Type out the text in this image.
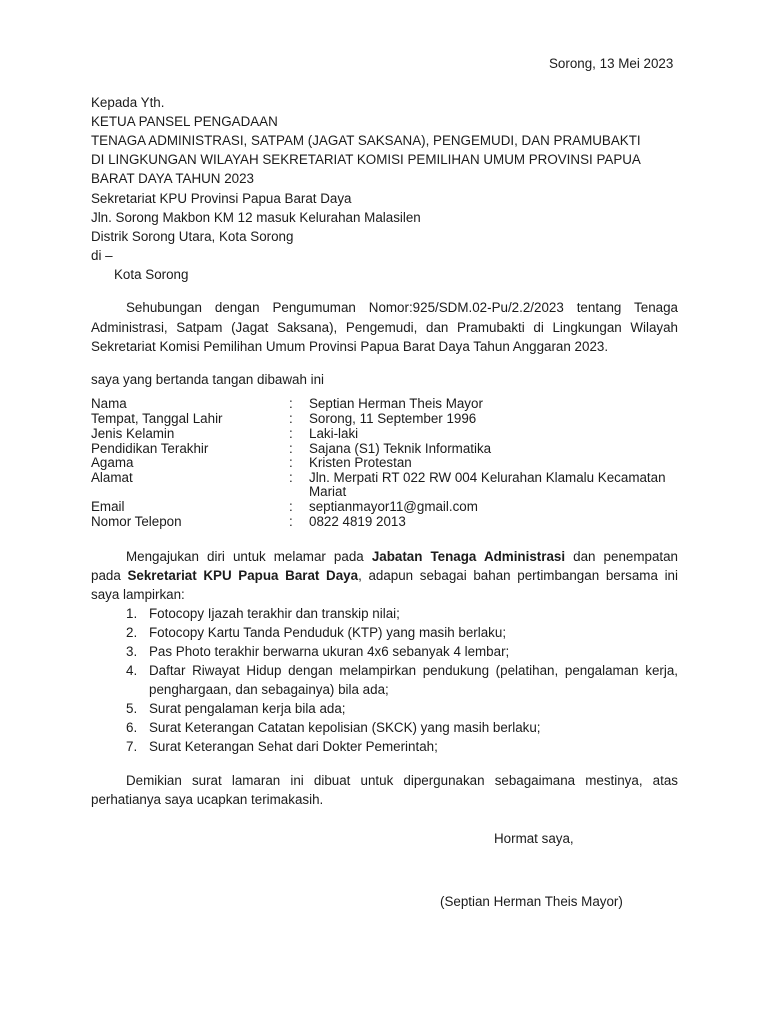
Sorong, 13 Mei 2023
Kepada Yth.
KETUA PANSEL PENGADAAN
TENAGA ADMINISTRASI, SATPAM (JAGAT SAKSANA), PENGEMUDI, DAN PRAMUBAKTI
DI LINGKUNGAN WILAYAH SEKRETARIAT KOMISI PEMILIHAN UMUM PROVINSI PAPUA
BARAT DAYA TAHUN 2023
Sekretariat KPU Provinsi Papua Barat Daya
Jln. Sorong Makbon KM 12 masuk Kelurahan Malasilen
Distrik Sorong Utara, Kota Sorong
di –
Kota Sorong
Sehubungan dengan Pengumuman Nomor:925/SDM.02-Pu/2.2/2023 tentang Tenaga
Administrasi, Satpam (Jagat Saksana), Pengemudi, dan Pramubakti di Lingkungan Wilayah
Sekretariat Komisi Pemilihan Umum Provinsi Papua Barat Daya Tahun Anggaran 2023.
saya yang bertanda tangan dibawah ini
Nama	: Septian Herman Theis Mayor
Tempat, Tanggal Lahir	: Sorong, 11 September 1996
Jenis Kelamin	: Laki-laki
Pendidikan Terakhir	: Sajana (S1) Teknik Informatika
Agama	: Kristen Protestan
Alamat	: Jln. Merpati RT 022 RW 004 Kelurahan Klamalu Kecamatan
Mariat
Email	: septianmayor11@gmail.com
Nomor Telepon	: 0822 4819 2013
Mengajukan diri untuk melamar pada Jabatan Tenaga Administrasi dan penempatan
pada Sekretariat KPU Papua Barat Daya, adapun sebagai bahan pertimbangan bersama ini
saya lampirkan:
1. Fotocopy Ijazah terakhir dan transkip nilai;
2. Fotocopy Kartu Tanda Penduduk (KTP) yang masih berlaku;
3. Pas Photo terakhir berwarna ukuran 4x6 sebanyak 4 lembar;
4. Daftar Riwayat Hidup dengan melampirkan pendukung (pelatihan, pengalaman kerja,
penghargaan, dan sebagainya) bila ada;
5. Surat pengalaman kerja bila ada;
6. Surat Keterangan Catatan kepolisian (SKCK) yang masih berlaku;
7. Surat Keterangan Sehat dari Dokter Pemerintah;
Demikian surat lamaran ini dibuat untuk dipergunakan sebagaimana mestinya, atas
perhatianya saya ucapkan terimakasih.
Hormat saya,
(Septian Herman Theis Mayor)
